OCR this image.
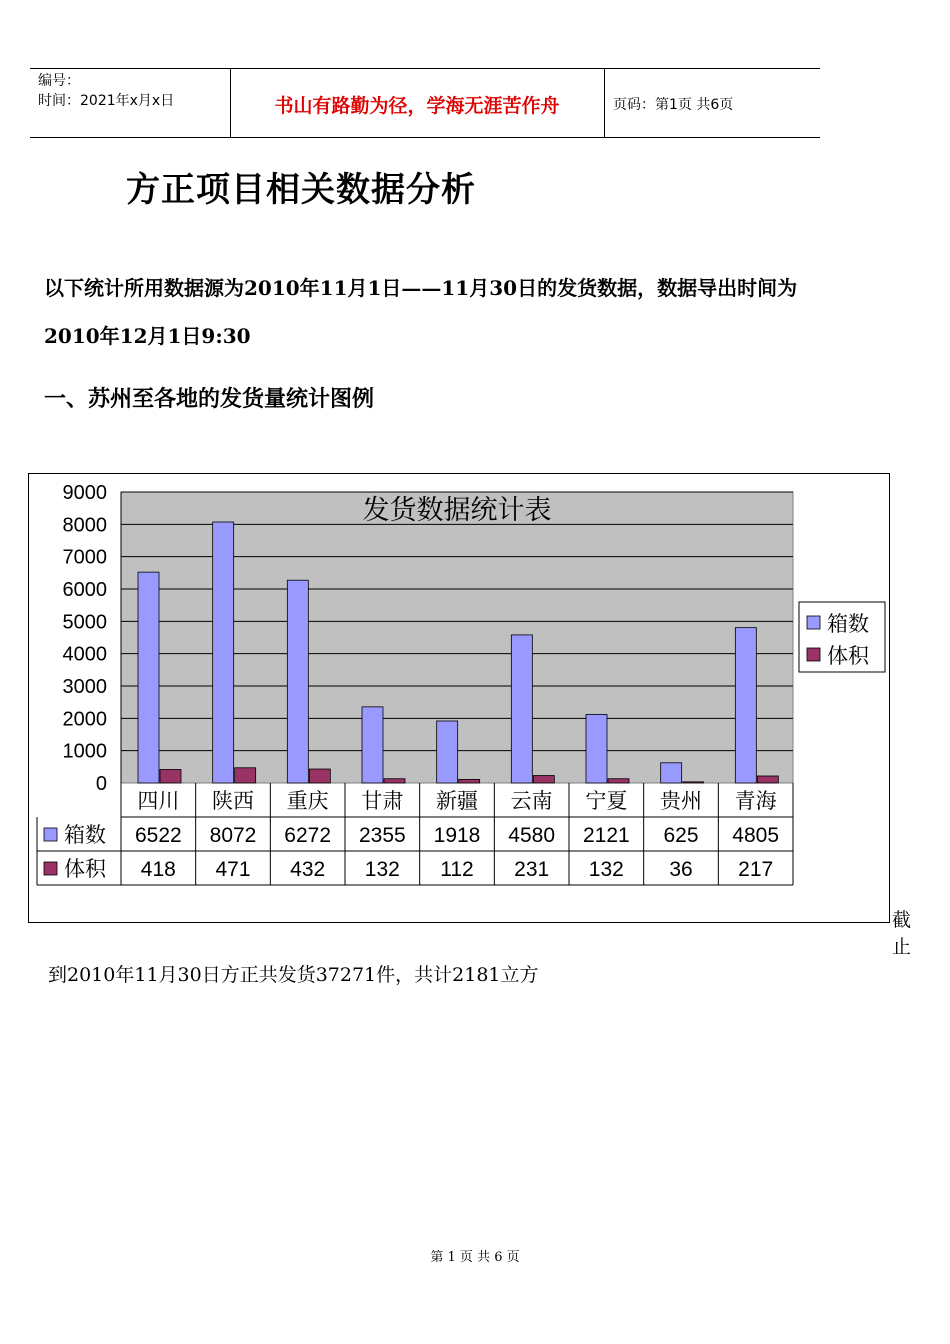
编号：
时间：2021年x月x日	书山有路勤为径，学海无涯苦作舟	页码：第1页 共6页
方正项目相关数据分析
以下统计所用数据源为2010年11月1日——11月30日的发货数据，数据导出时间为2010年12月1日9:30
一、苏州至各地的发货量统计图例
0
1000
2000
3000
4000
5000
6000
7000
8000
9000
发货数据统计表
四川
6522
418
陕西
8072
471
重庆
6272
432
甘肃
2355
132
新疆
1918
112
云南
4580
231
宁夏
2121
132
贵州
625
36
青海
4805
217
箱数
体积
箱数
体积
截 止
到2010年11月30日方正共发货37271件，共计2181立方
第 1 页 共 6 页
